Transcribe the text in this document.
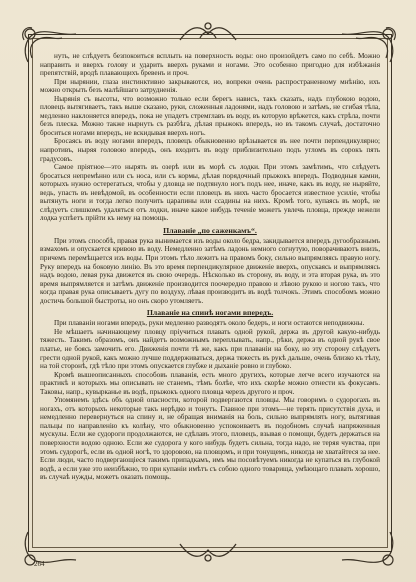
нуть, не слѣдуетъ безпокоиться всплыть на поверхность воды: оно произойдетъ само по себѣ. Можно направить и вверхъ голову и ударить вверхъ руками и ногами. Это особенно пригодно для избѣжанія препятствій, вродѣ плавающихъ бревенъ и проч.

При нырянии, глаза инстинктивно закрываются, но, вопреки очень распространенному мнѣнію, ихъ можно открыть безъ малѣйшаго затрудненія.

Нырянія съ высоты, что возможно только если берегъ нависъ, такъ сказать, надъ глубокою водою, пловецъ вытягиваетъ, такъ выше сказано, руки, сложенныя ладонями, надъ головою и затѣмъ, не сгибая тѣла, медленно наклоняется впередъ, пока не упадетъ стремглавъ въ воду, въ которую врѣжется, какъ стрѣла, почти безъ плеска. Можно также нырнуть съ разбѣга, дѣлая прыжокъ впередъ, но въ такомъ случаѣ, достаточно броситься ногами впередъ, не вскидывая вверхъ ногъ.

Бросаясь въ воду ногами впередъ, пловецъ обыкновенно врѣзывается въ нее почти перпендикулярно; напротивъ, ныряя головою впередъ, онъ входитъ въ воду приблизительно подъ угломъ въ сорокъ пять градусовъ.

Самое пріятное—это нырять въ озерѣ или въ морѣ съ лодки. При этомъ замѣтимъ, что слѣдуетъ бросаться непремѣнно или съ носа, или съ кормы, дѣлая порядочный прыжокъ впередъ. Подводныя камни, которыхъ нужно остерегаться, чтобы у дловца не подтянуло ногъ подъ нее, иначе, какъ въ воду, не ныряйте, ведь, упасть въ невѣдомой, въ особенности если пловецъ въ нихъ часто бросается известное усиліе, чтобы вытянуть ноги и тогда легко получить царапины или ссадины на нихъ. Кромѣ того, купаясь въ морѣ, не слѣдуетъ слишкомъ удаляться отъ лодки, иначе какое нибудь теченіе можетъ увлечь пловца, прежде нежели лодка успѣетъ прійти къ нему на помощь.

Плаваніе „по саженкамъ“.

При этомъ способѣ, правая рука вынимается изъ воды около бедра, закидывается впередъ дугообразнымъ взмахомъ и опускается кривою въ воду. Немедленно затѣмъ ладонь немного согнутую, поворачиваютъ внизъ, причемъ перемѣщается изъ воды. При этомъ тѣло лежитъ на правомъ боку, сильно выпрямляясь правую ногу. Руку впередъ на боковую линію. Въ это время перпендикулярное движеніе вверхъ, опускаясь и выпрямляясь надъ водою, левая рука движется въ свою очередь. Нѣсколько въ сторону, въ воду, и эта вторая рука, въ это время выпрямляется и затѣмъ движеніе производится поочередно правою и лѣвою рукою и ногою такъ, что когда правая рука описываетъ дугу по воздуху, лѣвая производитъ въ водѣ толчокъ. Этимъ способомъ можно достичь большой быстроты, но онъ скоро утомляетъ.

Плаваніе на спинѣ ногами впередъ.

При плаваніи ногами впередъ, руки медленно разводятъ около бедеръ, и ноги остаются неподвижны.

Не мѣшаетъ начинающему пловцу пріучиться плавать одной рукой, держа въ другой какую-нибудь тяжесть. Такимъ образомъ, онъ найдетъ возможнымъ переплывать, напр., рѣки, держа въ одной рукѣ свое платье, не боясь замочить его. Движенія почти тѣ же, какъ при плаваніи на боку, но эту сторону слѣдуетъ грести одной рукой, какъ можно лучше поддерживаться, держа тяжесть въ рукѣ дальше, очень близко къ тѣлу, на той сторонѣ, гдѣ тѣло при этомъ опускается глубже и дыханіе ровно и глубоко.

Кромѣ вышеописанныхъ способовъ плаванія, есть много другихъ, которые легче всего изучаются на практикѣ и которыхъ мы описывать не станемъ, тѣмъ болѣе, что ихъ скорѣе можно отнести къ фокусамъ. Таковы, напр., кувырканье въ водѣ, прыжокъ одного пловца черезъ другого и проч.

Упомянемъ здѣсь объ одной опасности, которой подвергаются пловцы. Мы говоримъ о судорогахъ въ ногахъ, отъ которыхъ некоторые такъ нерѣдко и тонутъ. Главное при этомъ—не терять присутствія духа, и немедленно перевернуться на спину и, не обращая вниманія на боль, сильно выпрямлять ногу, вытягивая пальцы по направленію къ колѣну, что обыкновенно успокоиваетъ въ подобномъ случаѣ напряженныя мускулы. Если же судороги продолжаются, не сдѣлавъ этого, пловецъ, взывая о помощи, будетъ держаться на поверхности водою одною. Если же судорога у кого нибудь будетъ сильна, тогда надо, не теряя чувства, при этомъ судорогѣ, если въ одной ногѣ, то здоровою, на пловцомъ, и при тонущемъ, никогда не хватайтеся за нее. Если люди, часто подвергающіеся такимъ припадкамъ, имъ мы посовѣтуемъ никогда не купаться въ глубокой водѣ, а если уже это неизбѣжно, то при купаніи имѣтъ съ собою одного товарища, умѣющаго плавать хорошо, въ случаѣ нужды, можетъ оказать помощь.

264
